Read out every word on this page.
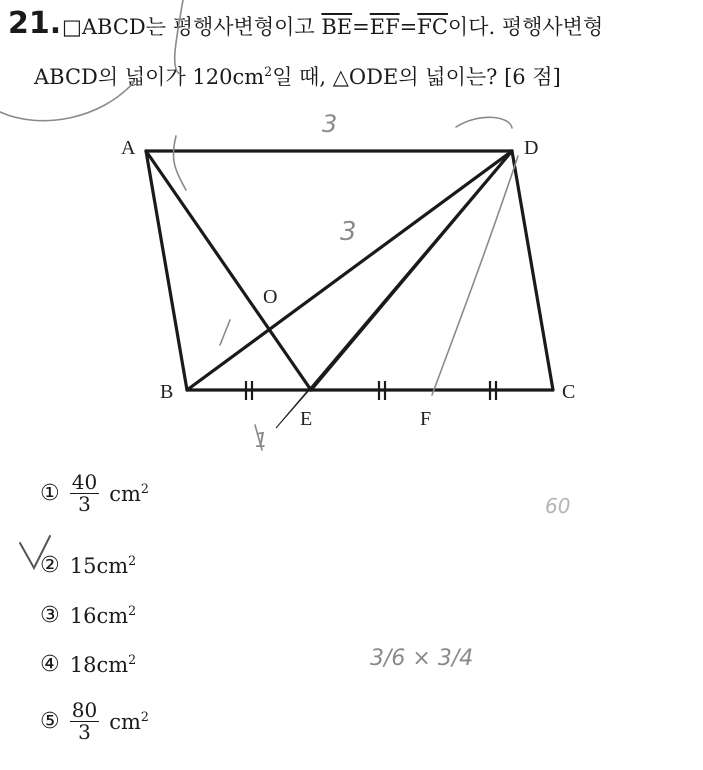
21. □ABCD는 평행사변형이고 $\overline{BE}=\overline{EF}=\overline{FC}$이다. 평행사변형
ABCD의 넓이가 $120cm^2$일 때, △ODE의 넓이는? [6 점]
A	D
B	C
E	F
O
① $\frac{40}{3} cm^2$
② $15cm^2$
③ $16cm^2$
④ $18cm^2$
⑤ $\frac{80}{3} cm^2$
3
3
1
60
3/6 × 3/4
